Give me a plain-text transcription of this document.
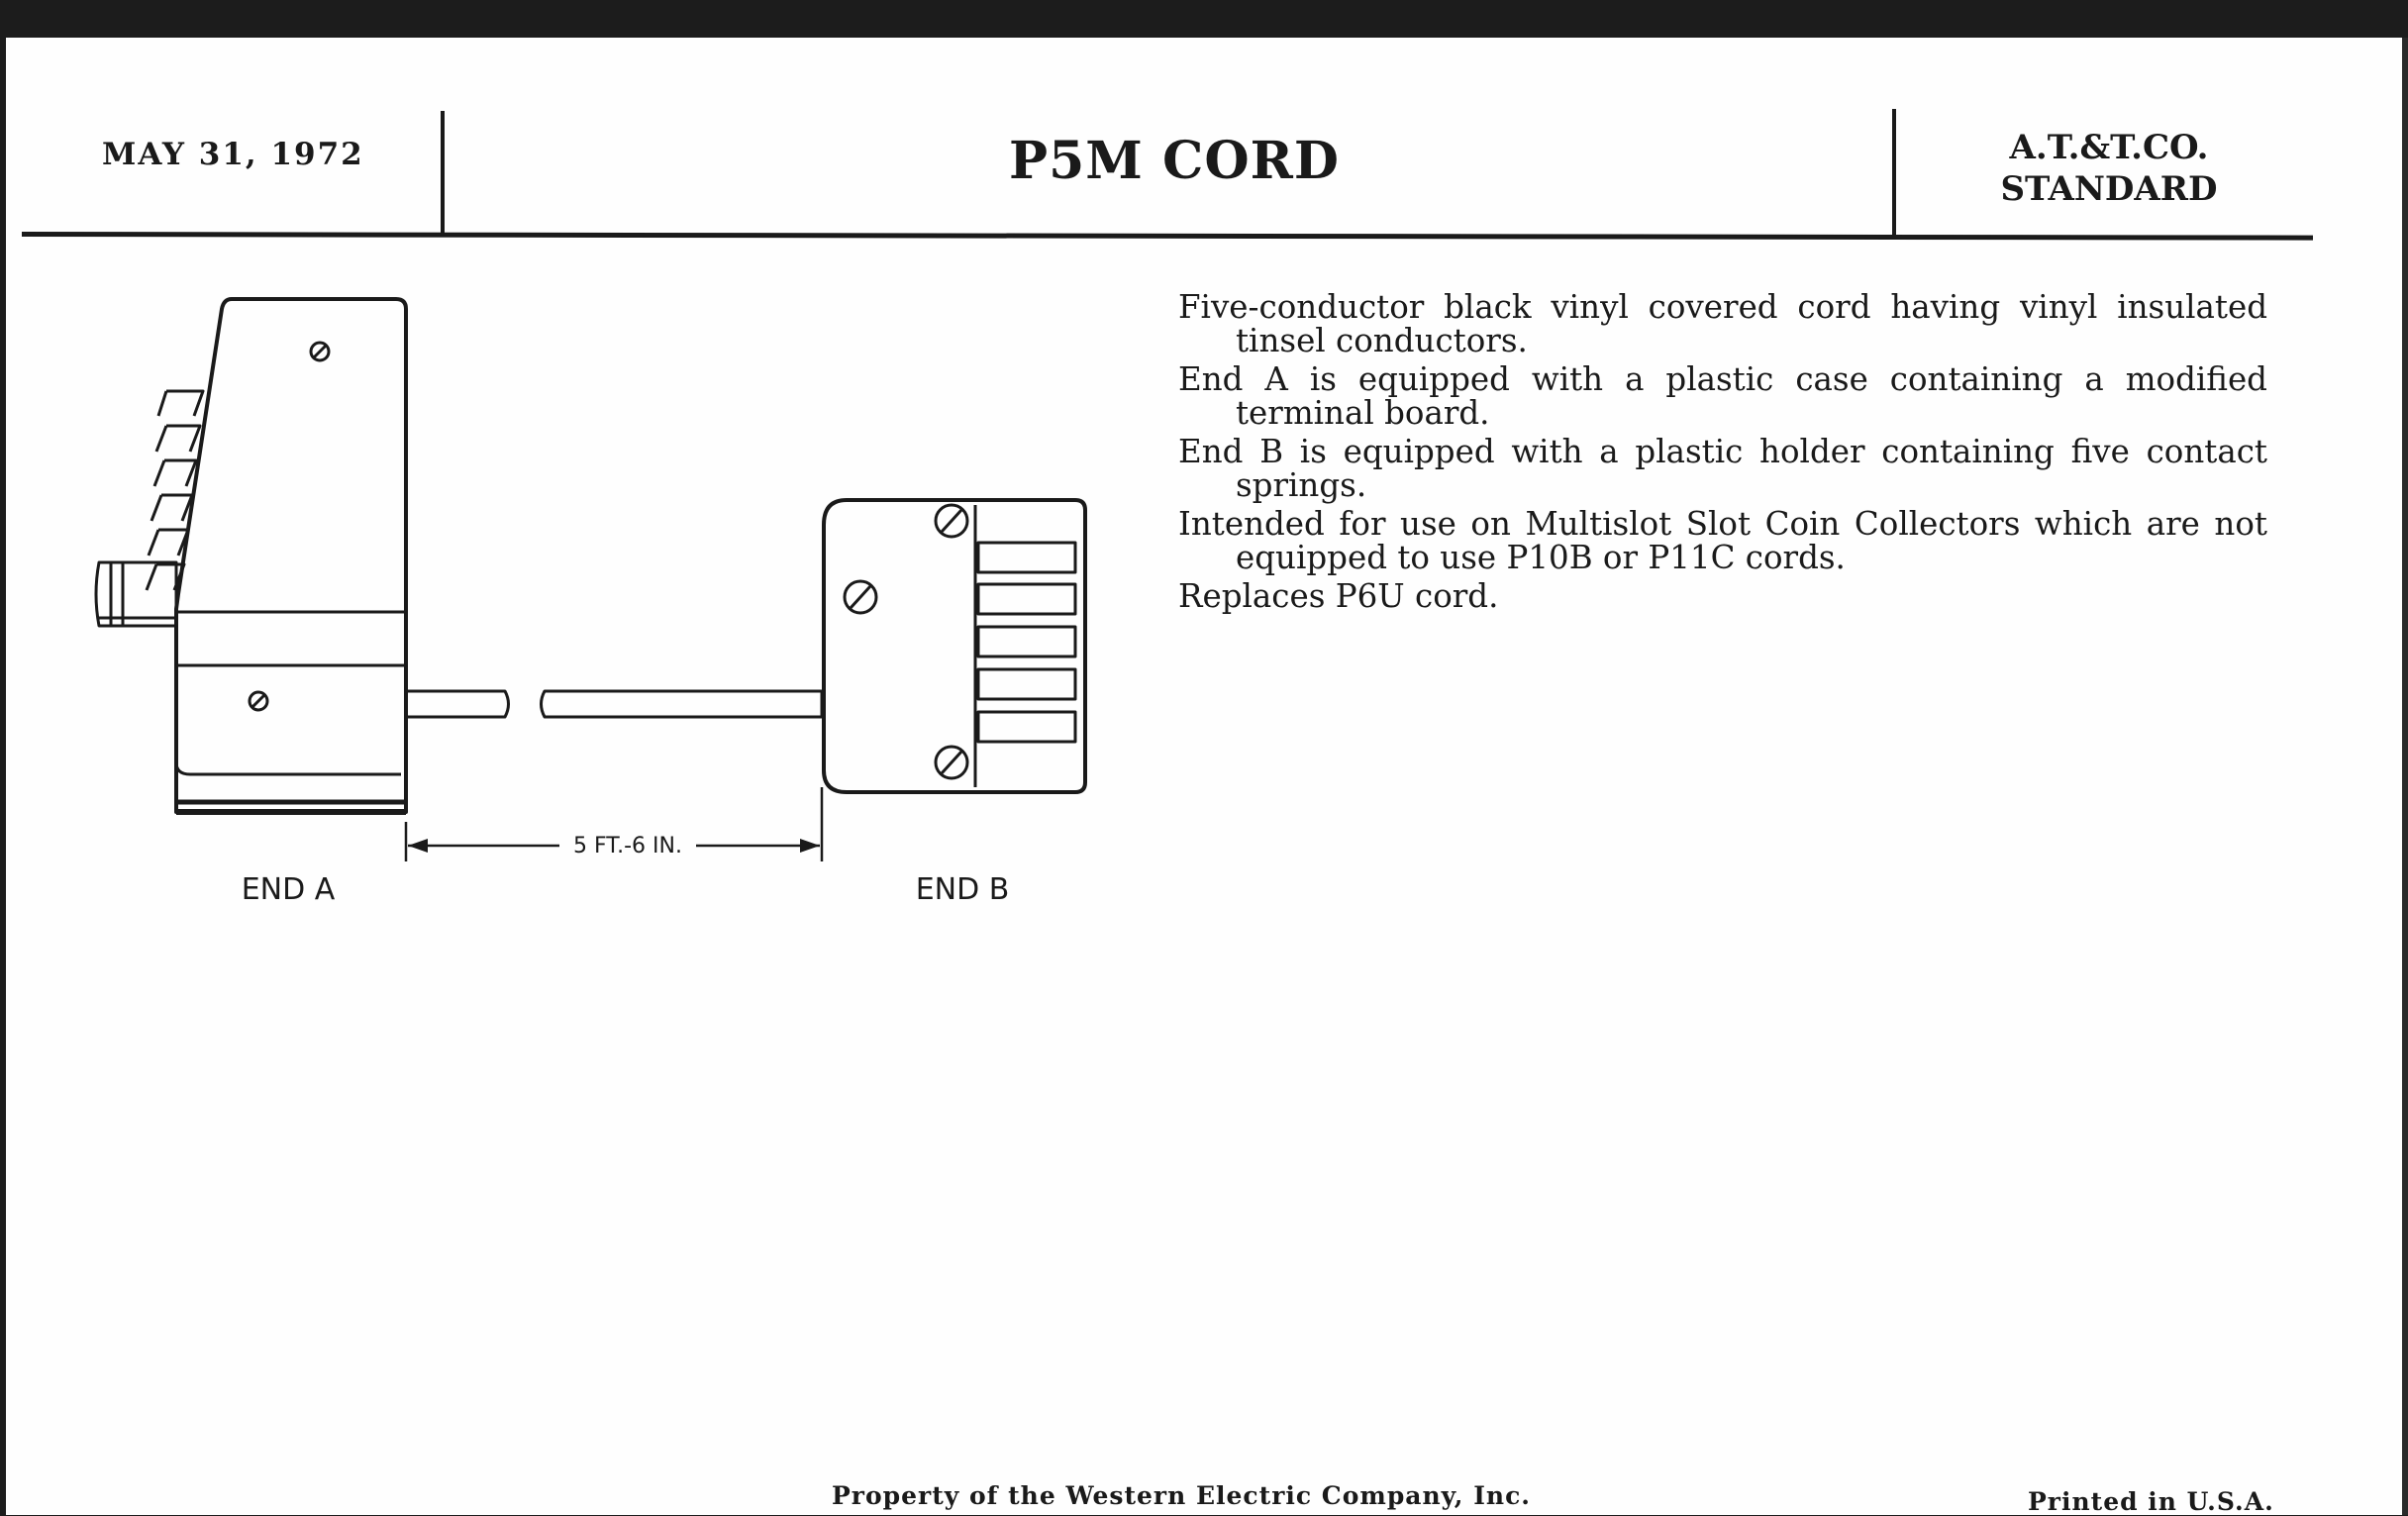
MAY 31, 1972	P5M CORD	A.T.&T.CO.
STANDARD
5 FT.-6 IN.
END A	END B

Five-conductor black vinyl covered cord having vinyl insulated tinsel conductors.

End A is equipped with a plastic case containing a modified terminal board.

End B is equipped with a plastic holder containing five contact springs.

Intended for use on Multislot Slot Coin Collectors which are not equipped to use P10B or P11C cords.

Replaces P6U cord.

Property of the Western Electric Company, Inc.	Printed in U.S.A.
